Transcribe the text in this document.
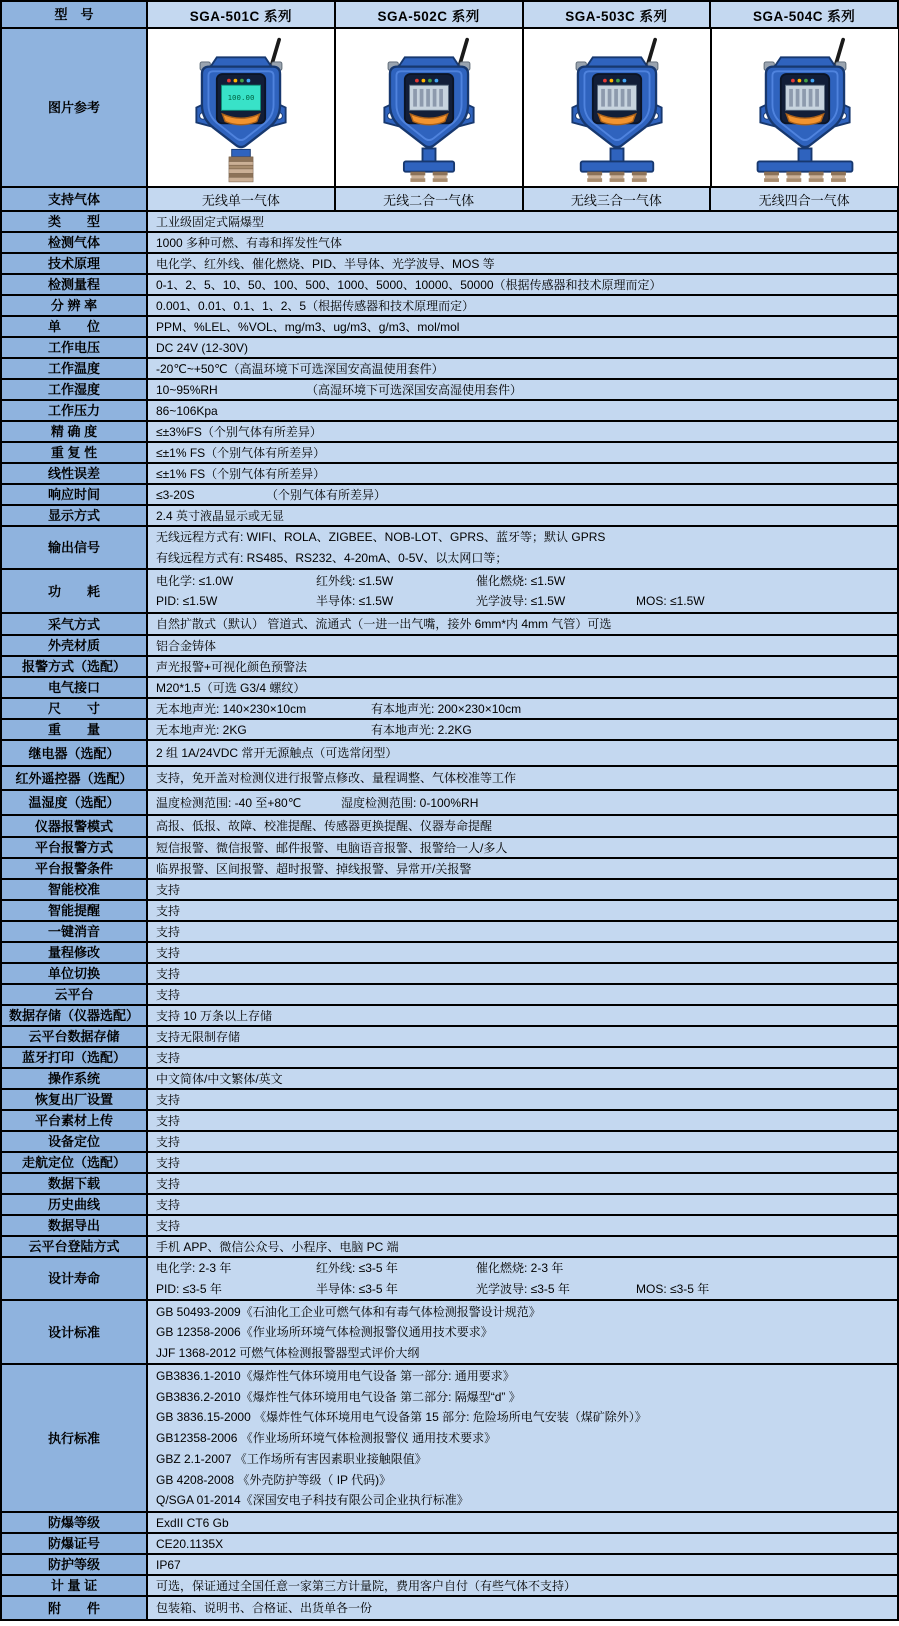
型　号	SGA-501C 系列	SGA-502C 系列	SGA-503C 系列	SGA-504C 系列
图片参考
100.00
支持气体	无线单一气体	无线二合一气体	无线三合一气体	无线四合一气体
类　　型	工业级固定式隔爆型
检测气体	1000 多种可燃、有毒和挥发性气体
技术原理	电化学、红外线、催化燃烧、PID、半导体、光学波导、MOS 等
检测量程	0-1、2、5、10、50、100、500、1000、5000、10000、50000（根据传感器和技术原理而定）
分 辨 率	0.001、0.01、0.1、1、2、5（根据传感器和技术原理而定）
单　　位	PPM、%LEL、%VOL、mg/m3、ug/m3、g/m3、mol/mol
工作电压	DC 24V (12-30V)
工作温度	-20℃~+50℃（高温环境下可选深国安高温使用套件）
工作湿度	10~95%RH	（高湿环境下可选深国安高湿使用套件）
工作压力	86~106Kpa
精 确 度	≤±3%FS（个别气体有所差异）
重 复 性	≤±1% FS（个别气体有所差异）
线性误差	≤±1% FS（个别气体有所差异）
响应时间	≤3-20S	（个别气体有所差异）
显示方式	2.4 英寸液晶显示或无显
输出信号
无线远程方式有: WIFI、ROLA、ZIGBEE、NOB-LOT、GPRS、蓝牙等；默认 GPRS
有线远程方式有: RS485、RS232、4-20mA、0-5V、以太网口等；
功　　耗
电化学: ≤1.0W	红外线: ≤1.5W	催化燃烧: ≤1.5W
PID: ≤1.5W	半导体: ≤1.5W	光学波导: ≤1.5W	MOS: ≤1.5W
采气方式	自然扩散式（默认） 管道式、流通式（一进一出气嘴，接外 6mm*内 4mm 气管）可选
外壳材质	铝合金铸体
报警方式（选配）	声光报警+可视化颜色预警法
电气接口	M20*1.5（可选 G3/4 螺纹）
尺　　寸	无本地声光: 140×230×10cm	有本地声光: 200×230×10cm
重　　量	无本地声光: 2KG	有本地声光: 2.2KG
继电器（选配）	2 组 1A/24VDC 常开无源触点（可选常闭型）
红外遥控器（选配）	支持，免开盖对检测仪进行报警点修改、量程调整、气体校准等工作
温湿度（选配）	温度检测范围: -40 至+80℃	湿度检测范围: 0-100%RH
仪器报警模式	高报、低报、故障、校准提醒、传感器更换提醒、仪器寿命提醒
平台报警方式	短信报警、微信报警、邮件报警、电脑语音报警、报警给一人/多人
平台报警条件	临界报警、区间报警、超时报警、掉线报警、异常开/关报警
智能校准	支持
智能提醒	支持
一键消音	支持
量程修改	支持
单位切换	支持
云平台	支持
数据存储（仪器选配）	支持 10 万条以上存储
云平台数据存储	支持无限制存储
蓝牙打印（选配）	支持
操作系统	中文简体/中文繁体/英文
恢复出厂设置	支持
平台素材上传	支持
设备定位	支持
走航定位（选配）	支持
数据下载	支持
历史曲线	支持
数据导出	支持
云平台登陆方式	手机 APP、微信公众号、小程序、电脑 PC 端
设计寿命
电化学: 2-3 年	红外线: ≤3-5 年	催化燃烧: 2-3 年
PID: ≤3-5 年	半导体: ≤3-5 年	光学波导: ≤3-5 年	MOS: ≤3-5 年
设计标准
GB 50493-2009《石油化工企业可燃气体和有毒气体检测报警设计规范》
GB 12358-2006《作业场所环境气体检测报警仪通用技术要求》
JJF 1368-2012 可燃气体检测报警器型式评价大纲
执行标准
GB3836.1-2010《爆炸性气体环境用电气设备 第一部分: 通用要求》
GB3836.2-2010《爆炸性气体环境用电气设备 第二部分: 隔爆型“d” 》
GB 3836.15-2000 《爆炸性气体环境用电气设备第 15 部分: 危险场所电气安装（煤矿除外）》
GB12358-2006 《作业场所环境气体检测报警仪 通用技术要求》
GBZ 2.1-2007 《工作场所有害因素职业接触限值》
GB 4208-2008 《外壳防护等级（ IP 代码)》
Q/SGA 01-2014《深国安电子科技有限公司企业执行标准》
防爆等级	ExdII CT6 Gb
防爆证号	CE20.1135X
防护等级	IP67
计 量 证	可选，保证通过全国任意一家第三方计量院，费用客户自付（有些气体不支持）
附　　件	包装箱、说明书、合格证、出货单各一份
